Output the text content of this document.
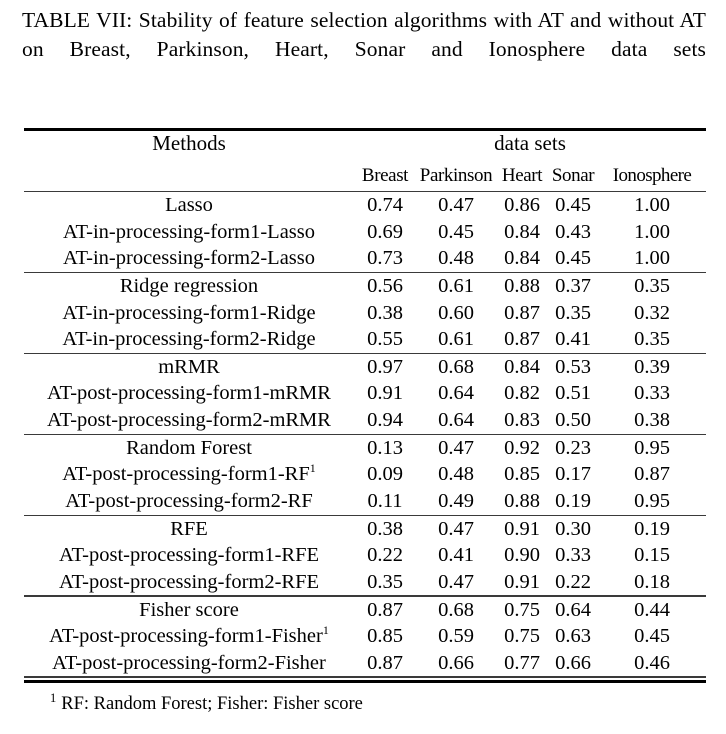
TABLE VII: Stability of feature selection algorithms with AT and without AT on Breast, Parkinson, Heart, Sonar and Ionosphere data sets
Methods	data sets				
	Breast	Parkinson	Heart	Sonar	Ionosphere

Lasso	0.74	0.47	0.86	0.45	1.00
AT-in-processing-form1-Lasso	0.69	0.45	0.84	0.43	1.00
AT-in-processing-form2-Lasso	0.73	0.48	0.84	0.45	1.00

Ridge regression	0.56	0.61	0.88	0.37	0.35
AT-in-processing-form1-Ridge	0.38	0.60	0.87	0.35	0.32
AT-in-processing-form2-Ridge	0.55	0.61	0.87	0.41	0.35

mRMR	0.97	0.68	0.84	0.53	0.39
AT-post-processing-form1-mRMR	0.91	0.64	0.82	0.51	0.33
AT-post-processing-form2-mRMR	0.94	0.64	0.83	0.50	0.38

Random Forest	0.13	0.47	0.92	0.23	0.95
AT-post-processing-form1-RF$^1$	0.09	0.48	0.85	0.17	0.87
AT-post-processing-form2-RF	0.11	0.49	0.88	0.19	0.95

RFE	0.38	0.47	0.91	0.30	0.19
AT-post-processing-form1-RFE	0.22	0.41	0.90	0.33	0.15
AT-post-processing-form2-RFE	0.35	0.47	0.91	0.22	0.18

Fisher score	0.87	0.68	0.75	0.64	0.44
AT-post-processing-form1-Fisher$^1$	0.85	0.59	0.75	0.63	0.45
AT-post-processing-form2-Fisher	0.87	0.66	0.77	0.66	0.46
$^1$ RF: Random Forest; Fisher: Fisher score
